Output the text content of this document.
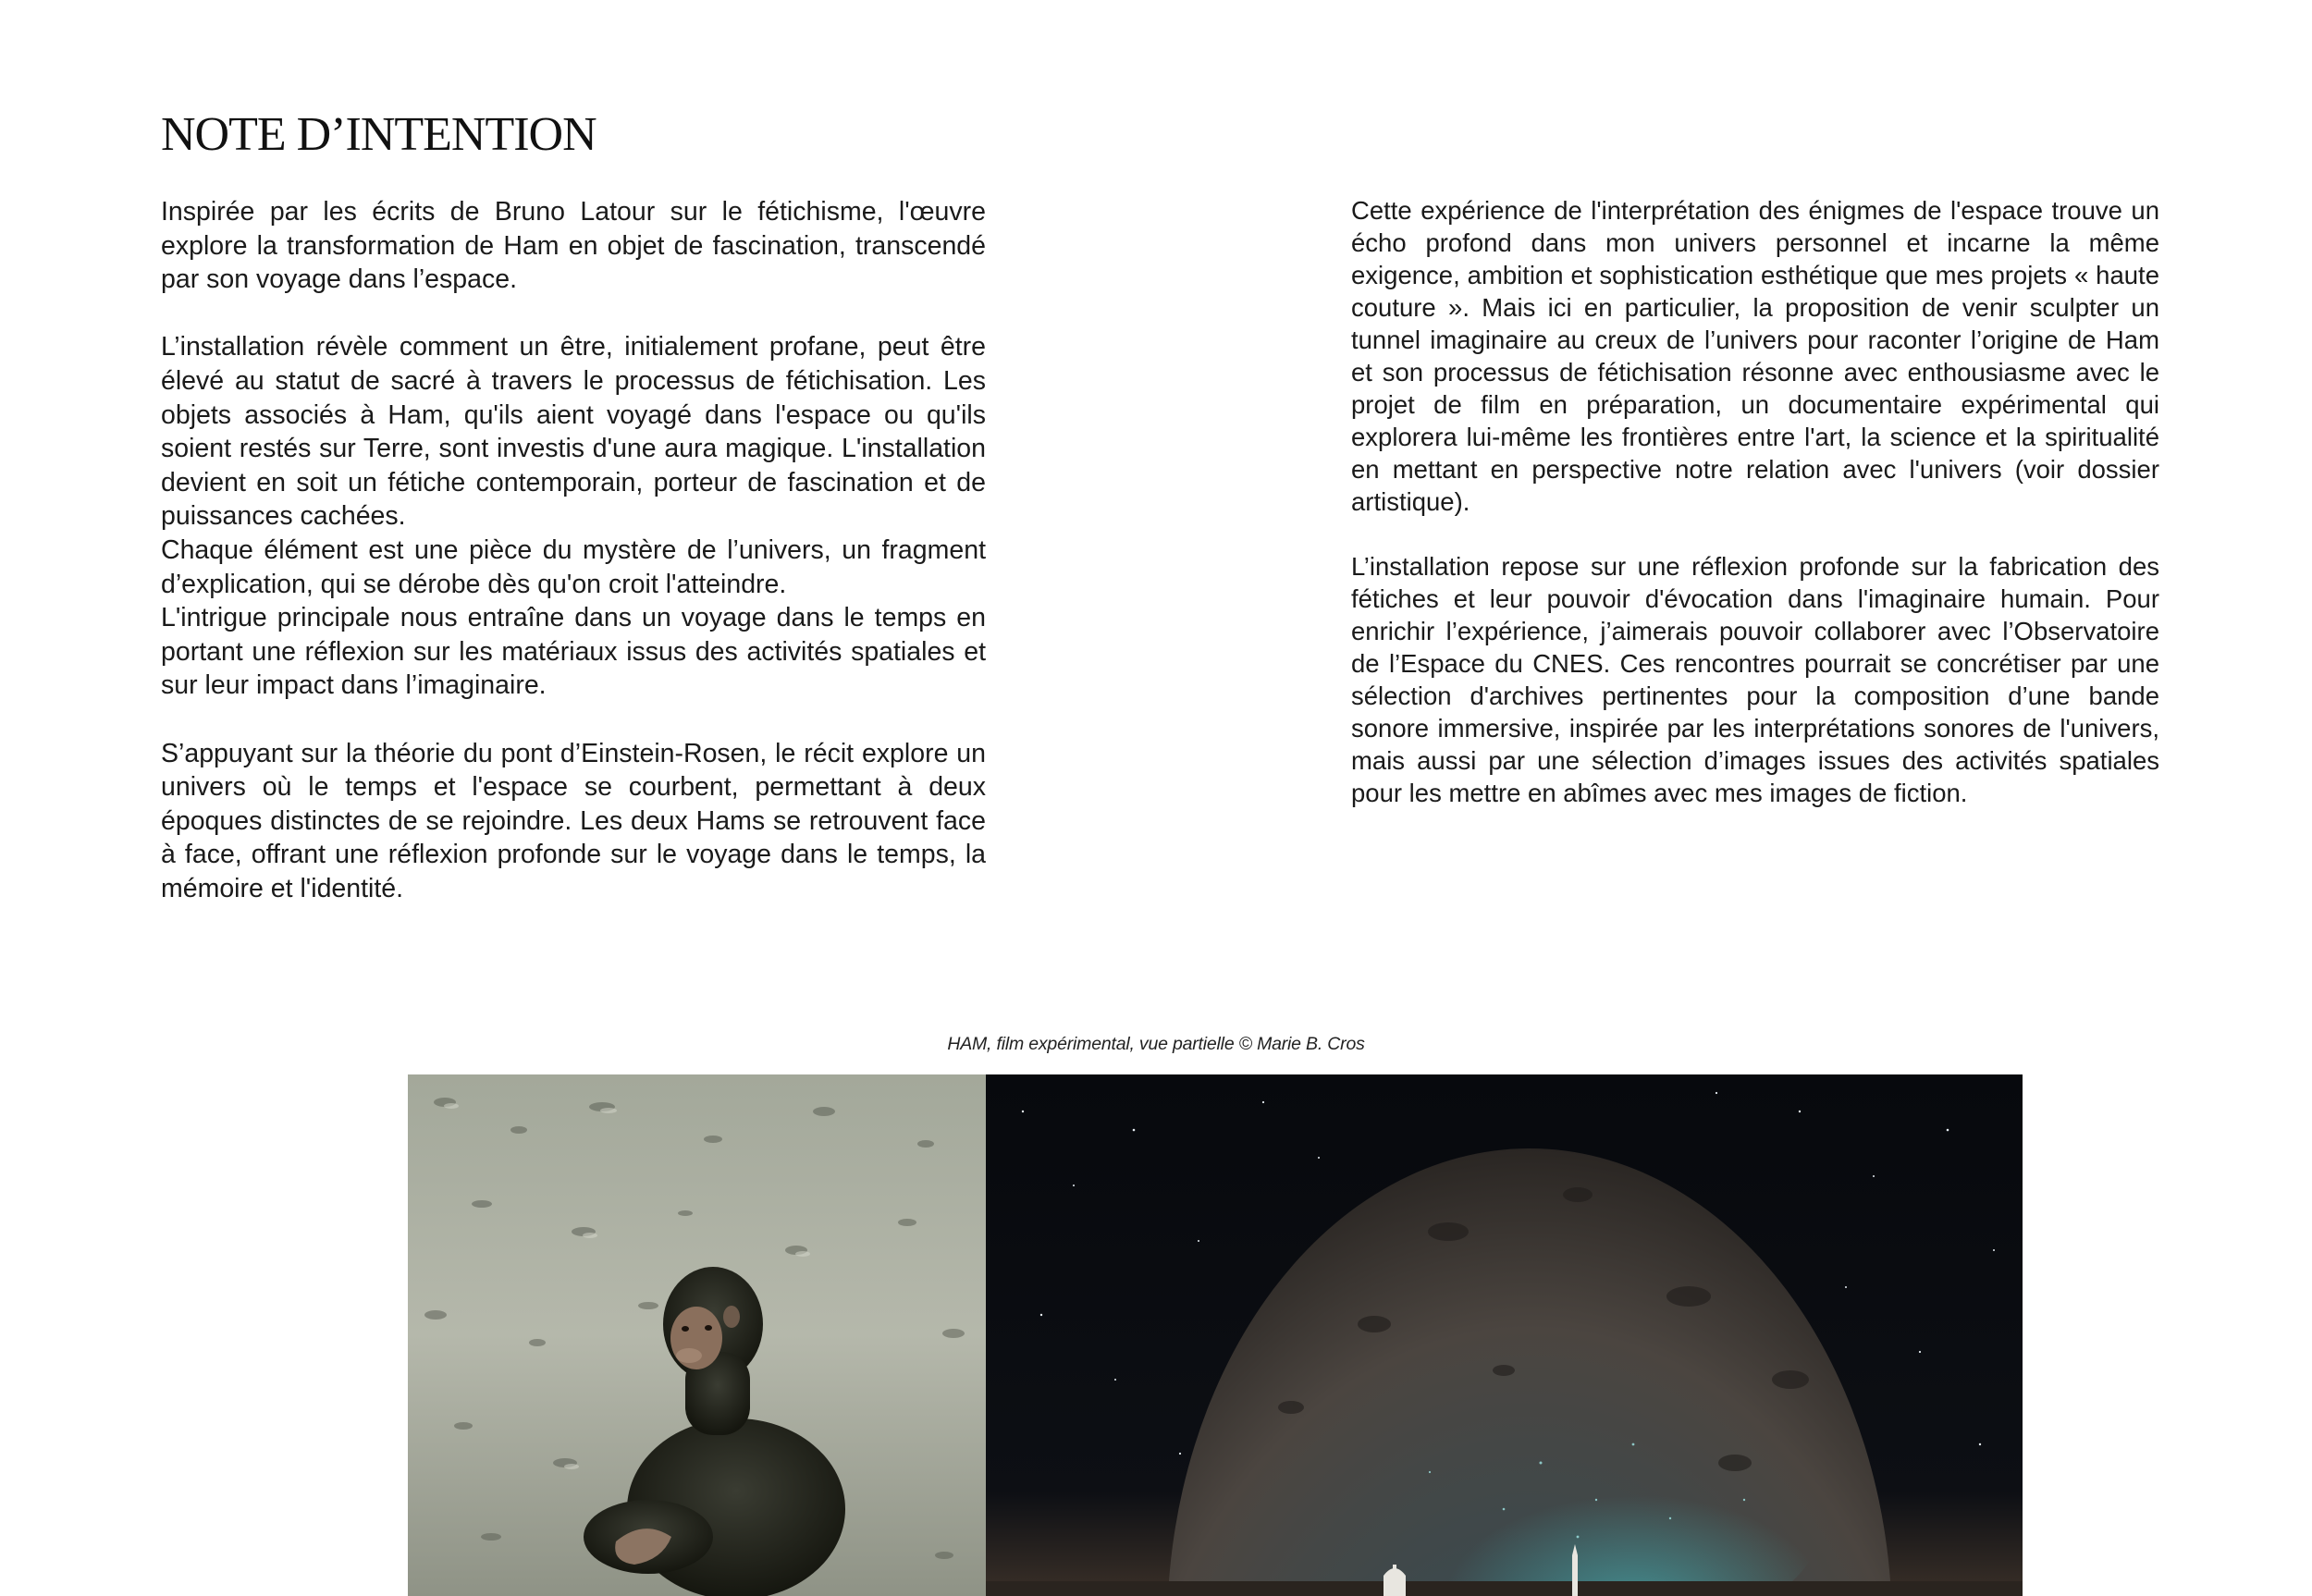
NOTE D’INTENTION

Inspirée par les écrits de Bruno Latour sur le fétichisme, l'œuvre explore la transformation de Ham en objet de fascination, transcendé par son voyage dans l’espace.

L’installation révèle comment un être, initialement profane, peut être élevé au statut de sacré à travers le processus de fétichisation. Les objets associés à Ham, qu'ils aient voyagé dans l'espace ou qu'ils soient restés sur Terre, sont investis d'une aura magique. L'installation devient en soit un fétiche contemporain, porteur de fascination et de puissances cachées.

Chaque élément est une pièce du mystère de l’univers, un fragment d’explication, qui se dérobe dès qu'on croit l'atteindre.

L'intrigue principale nous entraîne dans un voyage dans le temps en portant une réflexion sur les matériaux issus des activités spatiales et sur leur impact dans l’imaginaire.

S’appuyant sur la théorie du pont d’Einstein-Rosen, le récit explore un univers où le temps et l'espace se courbent, permettant à deux époques distinctes de se rejoindre. Les deux Hams se retrouvent face à face, offrant une réflexion profonde sur le voyage dans le temps, la mémoire et l'identité.

Cette expérience de l'interprétation des énigmes de l'espace trouve un écho profond dans mon univers personnel et incarne la même exigence, ambition et sophistication esthétique que mes projets « haute couture ». Mais ici en particulier, la proposition de venir sculpter un tunnel imaginaire au creux de l’univers pour raconter l’origine de Ham et son processus de fétichisation résonne avec enthousiasme avec le projet de film en préparation, un documentaire expérimental qui explorera lui-même les frontières entre l'art, la science et la spiritualité en mettant en perspective notre relation avec l'univers (voir dossier artistique).

L’installation repose sur une réflexion profonde sur la fabrication des fétiches et leur pouvoir d'évocation dans l'imaginaire humain. Pour enrichir l’expérience, j’aimerais pouvoir collaborer avec l’Observatoire de l’Espace du CNES. Ces rencontres pourrait se concrétiser par une sélection d'archives pertinentes pour la composition d’une bande sonore immersive, inspirée par les interprétations sonores de l'univers, mais aussi par une sélection d’images issues des activités spatiales pour les mettre en abîmes avec mes images de fiction.

HAM, film expérimental, vue partielle © Marie B. Cros
